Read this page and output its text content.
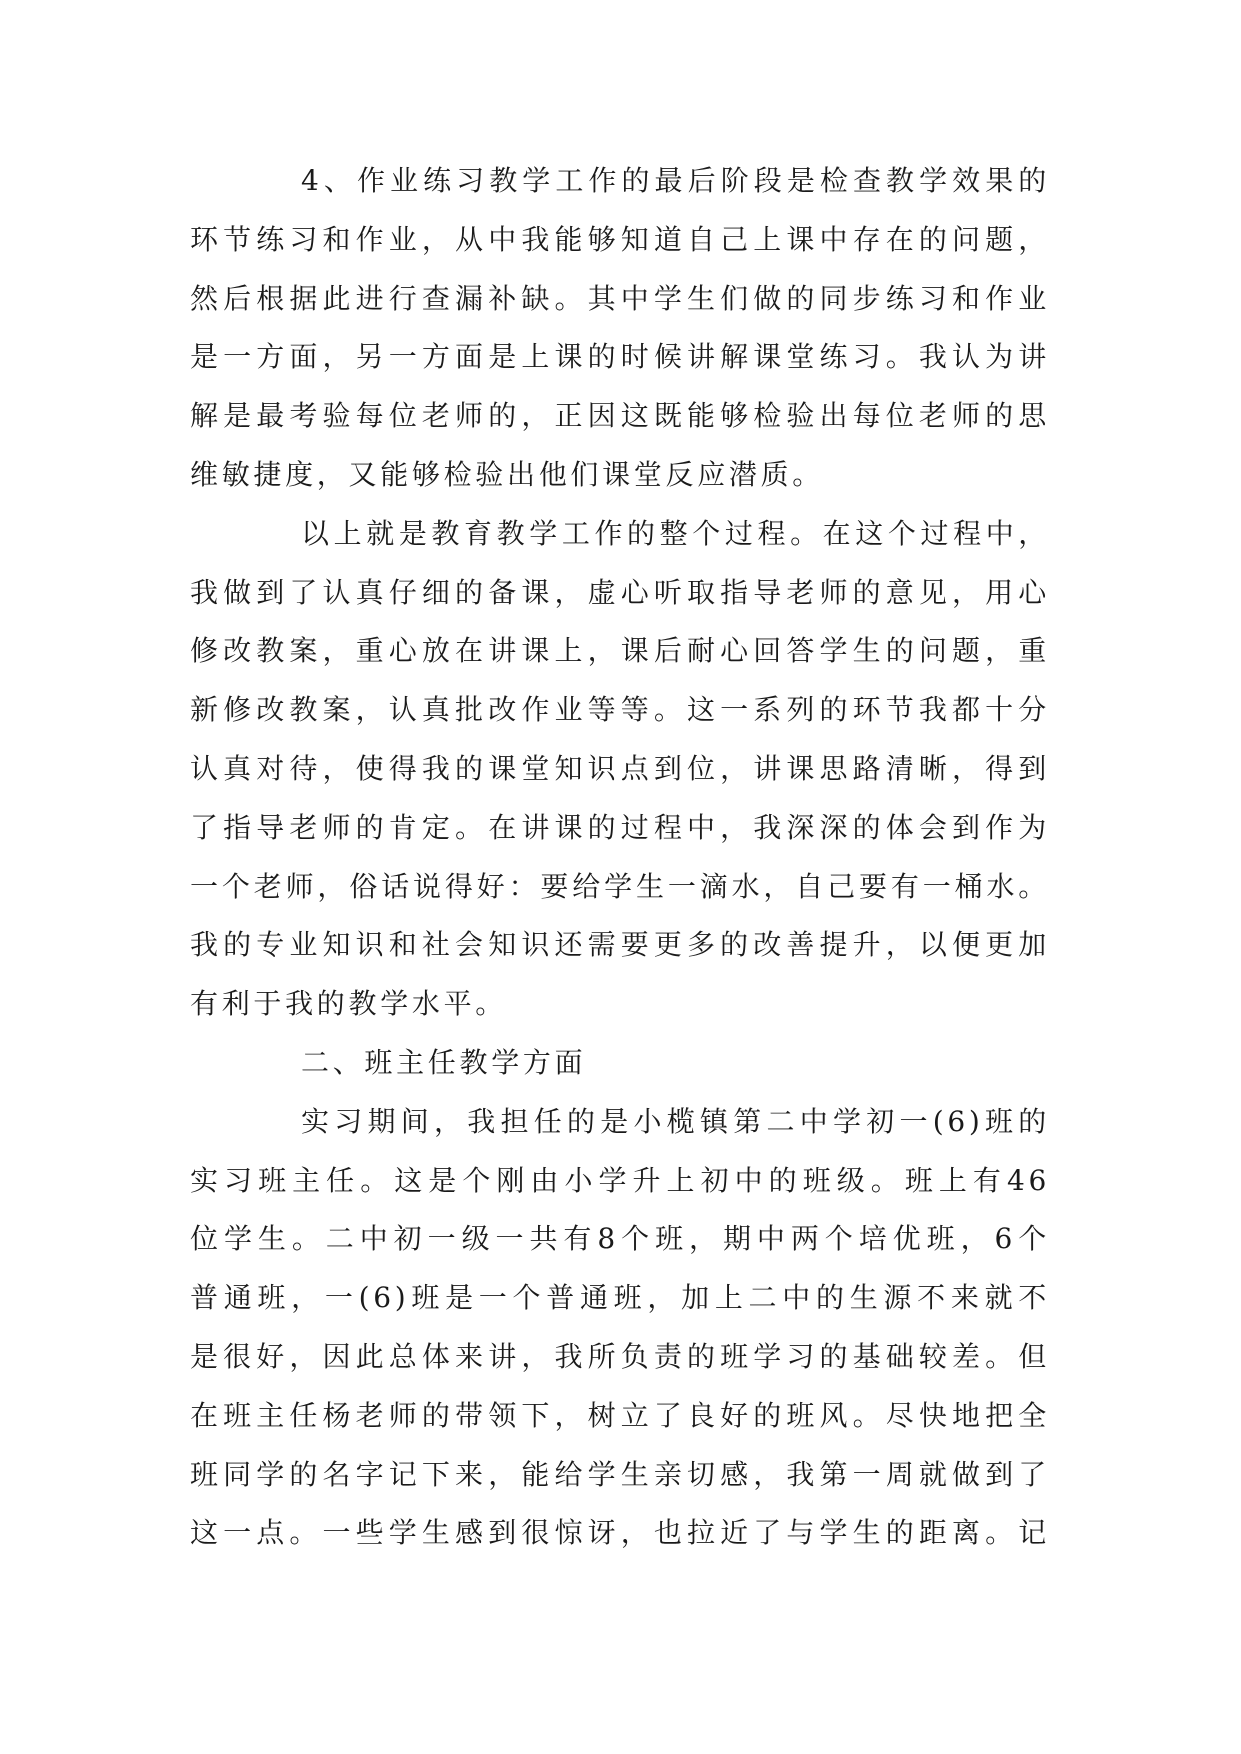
4、作业练习教学工作的最后阶段是检查教学效果的
环节练习和作业，从中我能够知道自己上课中存在的问题，
然后根据此进行查漏补缺。其中学生们做的同步练习和作业
是一方面，另一方面是上课的时候讲解课堂练习。我认为讲
解是最考验每位老师的，正因这既能够检验出每位老师的思
维敏捷度，又能够检验出他们课堂反应潜质。
以上就是教育教学工作的整个过程。在这个过程中，
我做到了认真仔细的备课，虚心听取指导老师的意见，用心
修改教案，重心放在讲课上，课后耐心回答学生的问题，重
新修改教案，认真批改作业等等。这一系列的环节我都十分
认真对待，使得我的课堂知识点到位，讲课思路清晰，得到
了指导老师的肯定。在讲课的过程中，我深深的体会到作为
一个老师，俗话说得好：要给学生一滴水，自己要有一桶水。
我的专业知识和社会知识还需要更多的改善提升，以便更加
有利于我的教学水平。
二、班主任教学方面
实习期间，我担任的是小榄镇第二中学初一(6)班的
实习班主任。这是个刚由小学升上初中的班级。班上有46
位学生。二中初一级一共有8个班，期中两个培优班，6个
普通班，一(6)班是一个普通班，加上二中的生源不来就不
是很好，因此总体来讲，我所负责的班学习的基础较差。但
在班主任杨老师的带领下，树立了良好的班风。尽快地把全
班同学的名字记下来，能给学生亲切感，我第一周就做到了
这一点。一些学生感到很惊讶，也拉近了与学生的距离。记
